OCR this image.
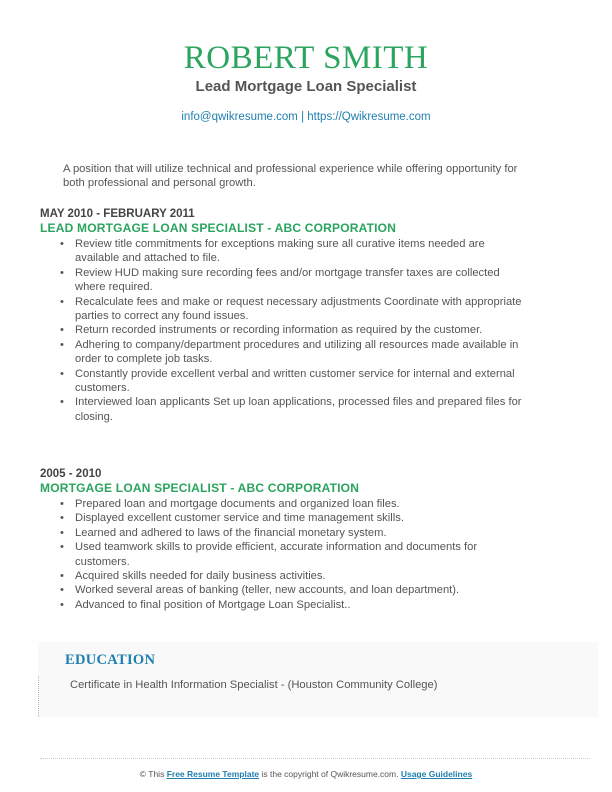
ROBERT SMITH
Lead Mortgage Loan Specialist
info@qwikresume.com | https://Qwikresume.com
A position that will utilize technical and professional experience while offering opportunity for both professional and personal growth.
MAY 2010 - FEBRUARY 2011
LEAD MORTGAGE LOAN SPECIALIST - ABC CORPORATION
• Review title commitments for exceptions making sure all curative items needed are available and attached to file.
• Review HUD making sure recording fees and/or mortgage transfer taxes are collected where required.
• Recalculate fees and make or request necessary adjustments Coordinate with appropriate parties to correct any found issues.
• Return recorded instruments or recording information as required by the customer.
• Adhering to company/department procedures and utilizing all resources made available in order to complete job tasks.
• Constantly provide excellent verbal and written customer service for internal and external customers.
• Interviewed loan applicants Set up loan applications, processed files and prepared files for closing.
2005 - 2010
MORTGAGE LOAN SPECIALIST - ABC CORPORATION
• Prepared loan and mortgage documents and organized loan files.
• Displayed excellent customer service and time management skills.
• Learned and adhered to laws of the financial monetary system.
• Used teamwork skills to provide efficient, accurate information and documents for customers.
• Acquired skills needed for daily business activities.
• Worked several areas of banking (teller, new accounts, and loan department).
• Advanced to final position of Mortgage Loan Specialist..
EDUCATION
Certificate in Health Information Specialist - (Houston Community College)
© This Free Resume Template is the copyright of Qwikresume.com. Usage Guidelines
